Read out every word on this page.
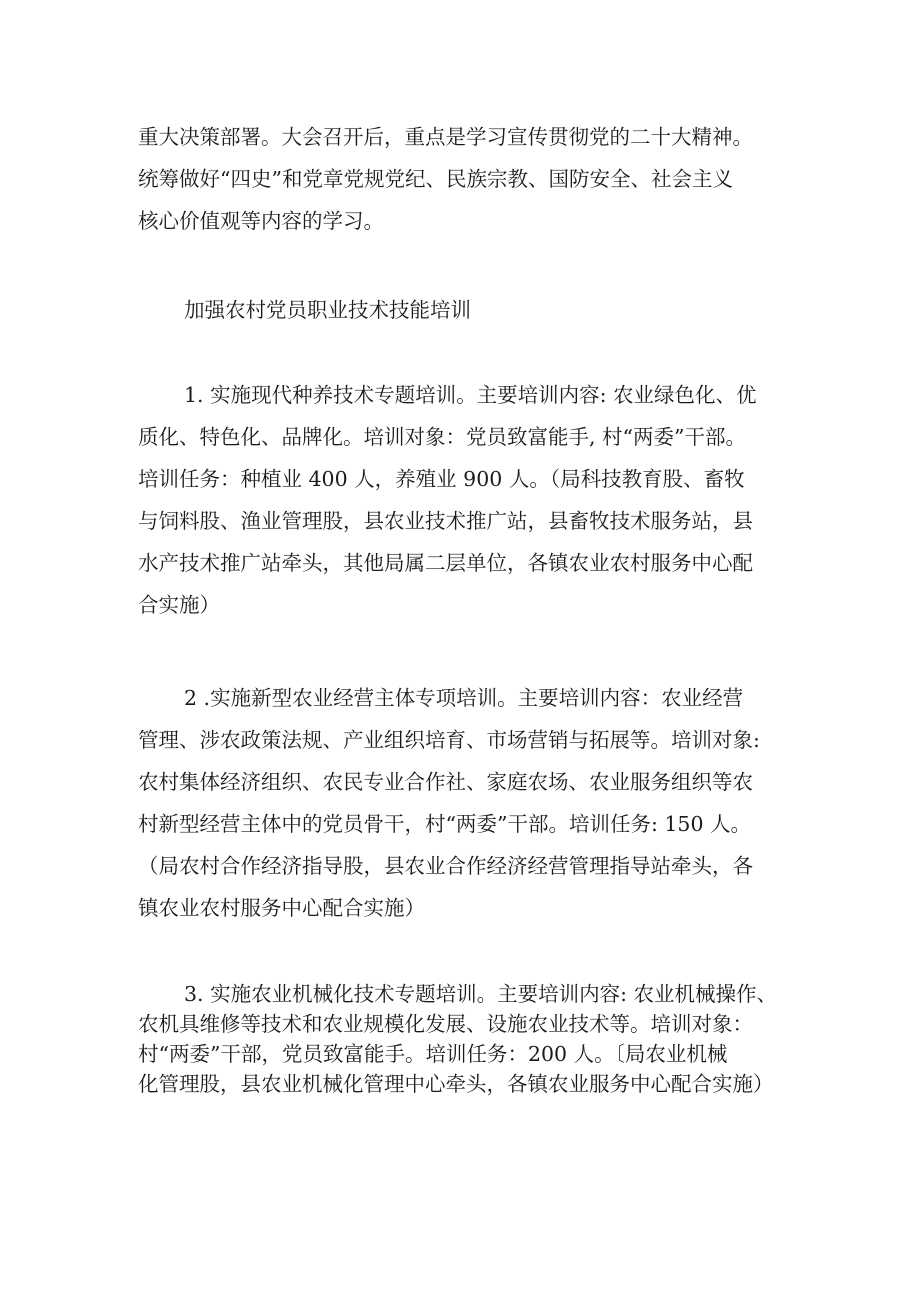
重大决策部署。大会召开后，重点是学习宣传贯彻党的二十大精神。
统筹做好“四史”和党章党规党纪、民族宗教、国防安全、社会主义
核心价值观等内容的学习。

加强农村党员职业技术技能培训

1. 实施现代种养技术专题培训。主要培训内容: 农业绿色化、优
质化、特色化、品牌化。培训对象：党员致富能手, 村“两委”干部。
培训任务：种植业 400 人，养殖业 900 人。（局科技教育股、畜牧
与饲料股、渔业管理股，县农业技术推广站，县畜牧技术服务站，县
水产技术推广站牵头，其他局属二层单位，各镇农业农村服务中心配
合实施）

2 .实施新型农业经营主体专项培训。主要培训内容：农业经营
管理、涉农政策法规、产业组织培育、市场营销与拓展等。培训对象:
农村集体经济组织、农民专业合作社、家庭农场、农业服务组织等农
村新型经营主体中的党员骨干，村“两委”干部。培训任务: 150 人。
（局农村合作经济指导股，县农业合作经济经营管理指导站牵头，各
镇农业农村服务中心配合实施）

3. 实施农业机械化技术专题培训。主要培训内容: 农业机械操作、
农机具维修等技术和农业规模化发展、设施农业技术等。培训对象：
村“两委”干部，党员致富能手。培训任务：200 人。〔局农业机械
化管理股，县农业机械化管理中心牵头，各镇农业服务中心配合实施）
